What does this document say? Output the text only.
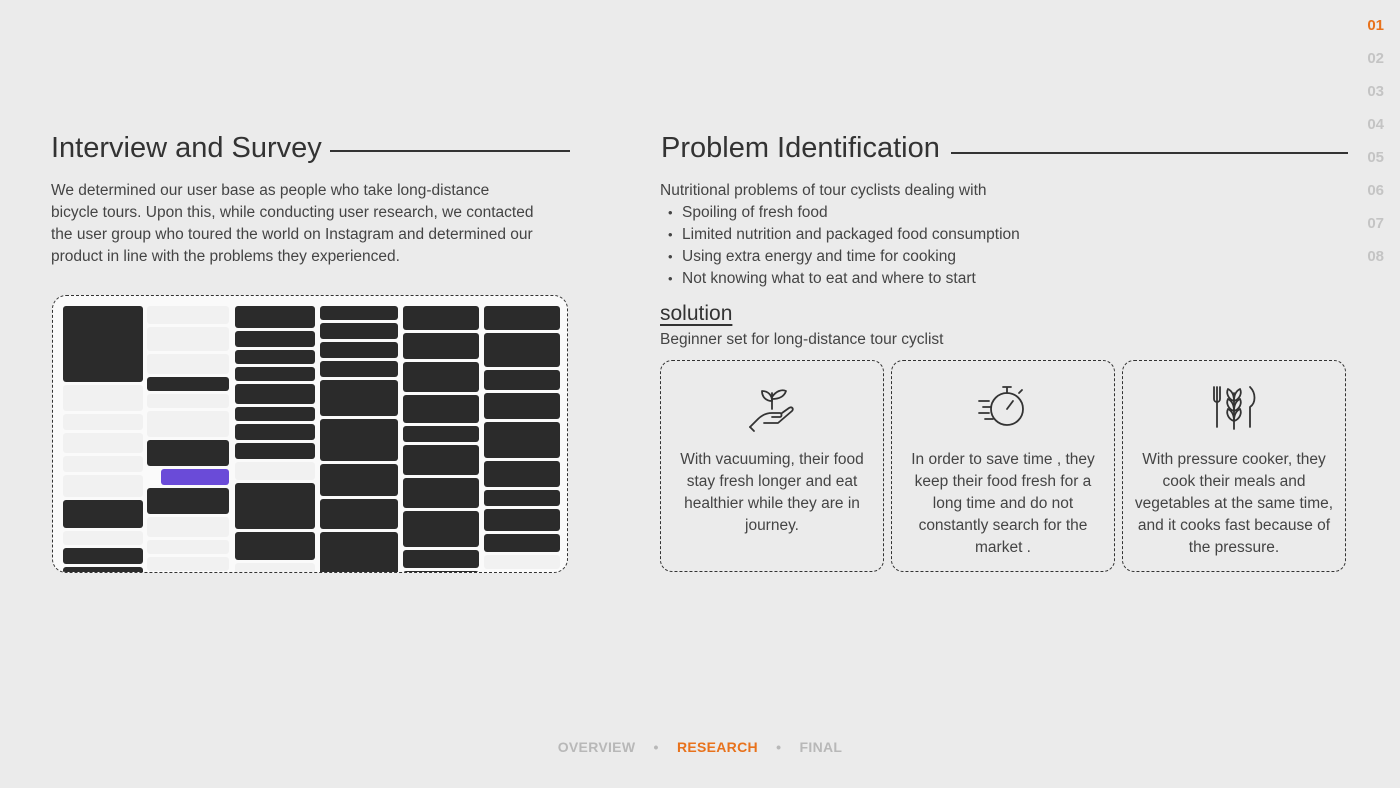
01
02
03
04
05
06
07
08
Interview and Survey
We determined our user base as people who take long-distance
bicycle tours. Upon this, while conducting user research, we contacted
the user group who toured the world on Instagram and determined our
product in line with the problems they experienced.
Problem Identification
Nutritional problems of tour cyclists dealing with
• Spoiling of fresh food
• Limited nutrition and packaged food consumption
• Using extra energy and time for cooking
• Not knowing what to eat and where to start
solution
Beginner set for long-distance tour cyclist

With vacuuming, their food
stay fresh longer and eat
healthier while they are in
journey.

In order to save time , they
keep their food fresh for a
long time and do not
constantly search for the
market .

With pressure cooker, they
cook their meals and
vegetables at the same time,
and it cooks fast because of
the pressure.

OVERVIEW • RESEARCH • FINAL
